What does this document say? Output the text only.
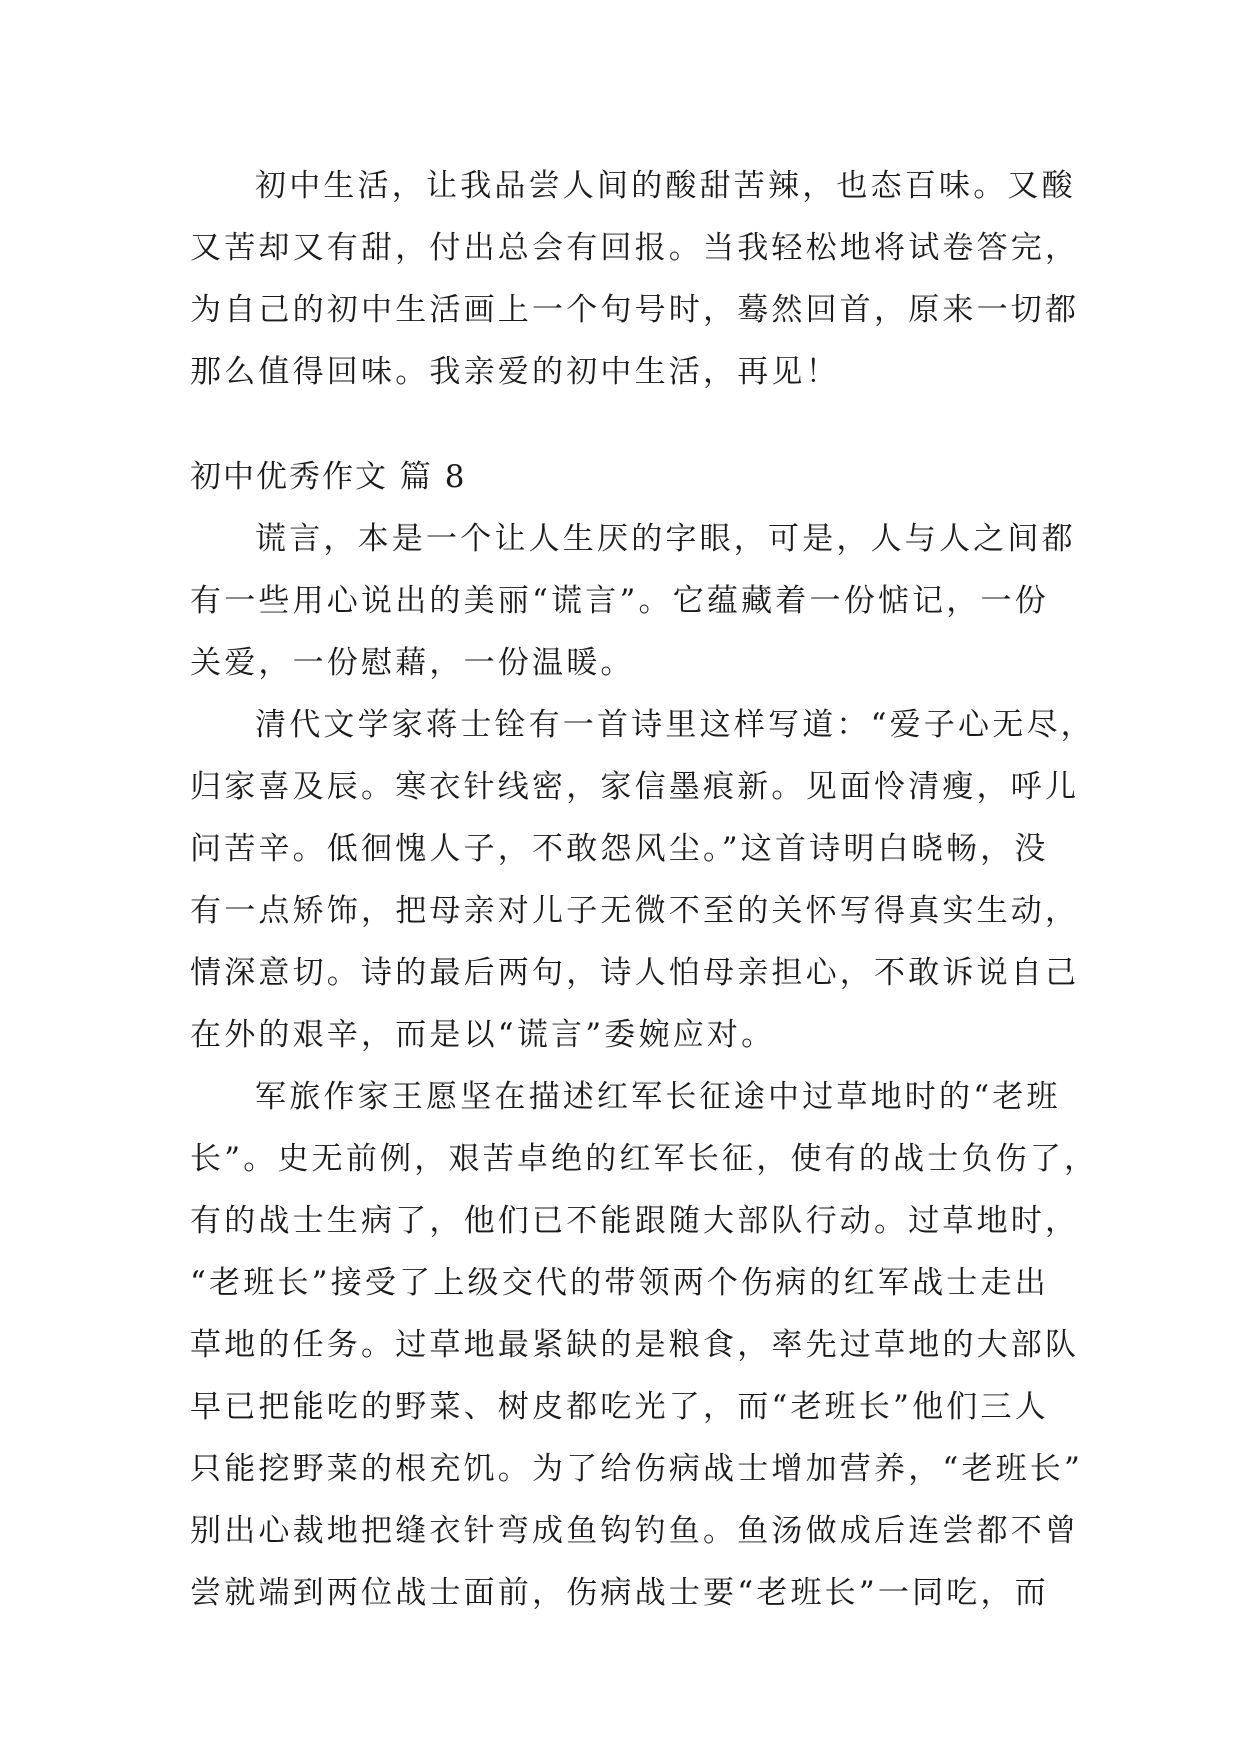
初中生活，让我品尝人间的酸甜苦辣，也态百味。又酸
又苦却又有甜，付出总会有回报。当我轻松地将试卷答完，
为自己的初中生活画上一个句号时，蓦然回首，原来一切都
那么值得回味。我亲爱的初中生活，再见！
初中优秀作文 篇 8
谎言，本是一个让人生厌的字眼，可是，人与人之间都
有一些用心说出的美丽“谎言”。它蕴藏着一份惦记，一份
关爱，一份慰藉，一份温暖。
清代文学家蒋士铨有一首诗里这样写道：“爱子心无尽，
归家喜及辰。寒衣针线密，家信墨痕新。见面怜清瘦，呼儿
问苦辛。低徊愧人子，不敢怨风尘。”这首诗明白晓畅，没
有一点矫饰，把母亲对儿子无微不至的关怀写得真实生动，
情深意切。诗的最后两句，诗人怕母亲担心，不敢诉说自己
在外的艰辛，而是以“谎言”委婉应对。
军旅作家王愿坚在描述红军长征途中过草地时的“老班
长”。史无前例，艰苦卓绝的红军长征，使有的战士负伤了，
有的战士生病了，他们已不能跟随大部队行动。过草地时，
“老班长”接受了上级交代的带领两个伤病的红军战士走出
草地的任务。过草地最紧缺的是粮食，率先过草地的大部队
早已把能吃的野菜、树皮都吃光了，而“老班长”他们三人
只能挖野菜的根充饥。为了给伤病战士增加营养，“老班长”
别出心裁地把缝衣针弯成鱼钩钓鱼。鱼汤做成后连尝都不曾
尝就端到两位战士面前，伤病战士要“老班长”一同吃，而
